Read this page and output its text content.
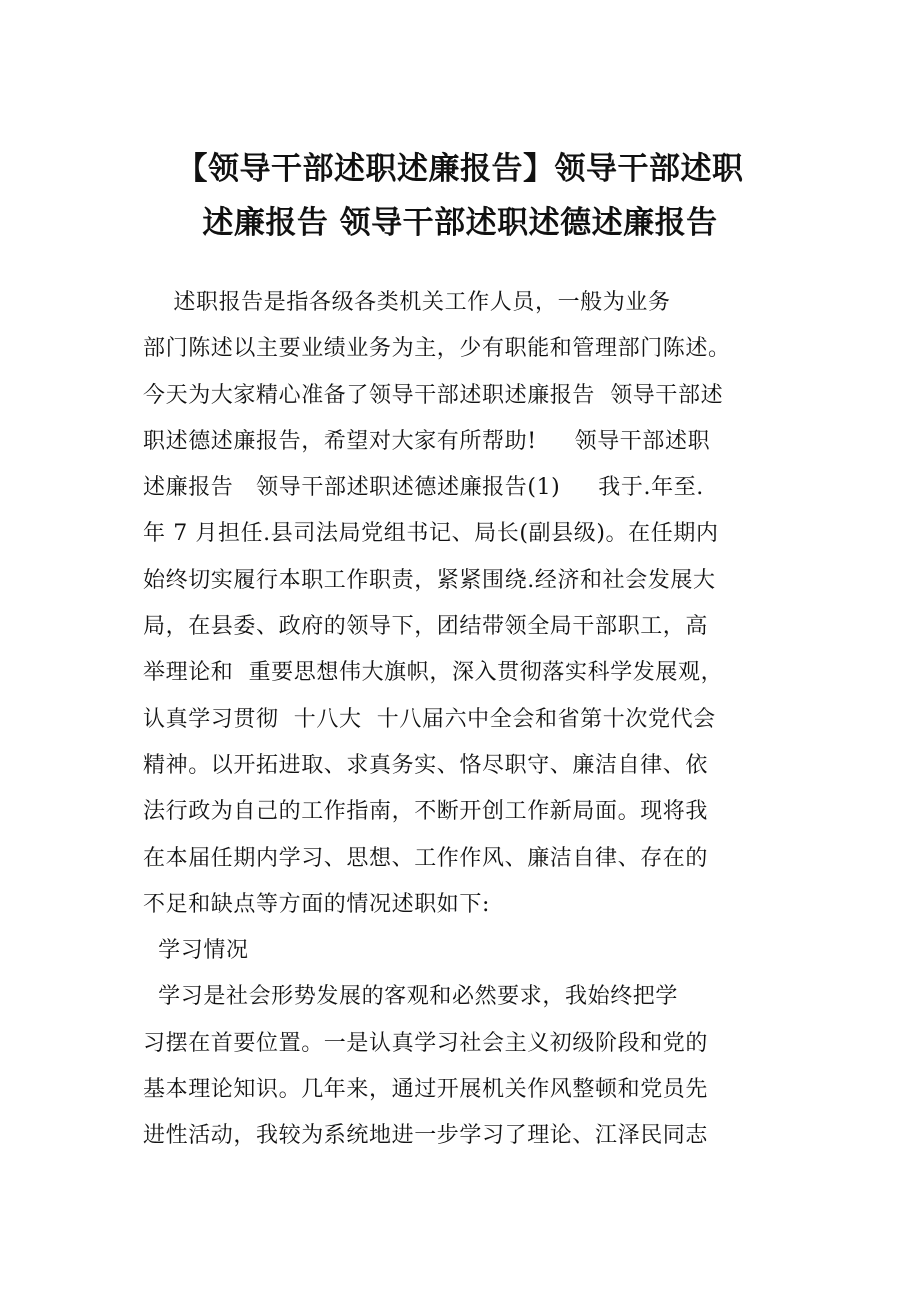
【领导干部述职述廉报告】领导干部述职
述廉报告 领导干部述职述德述廉报告
述职报告是指各级各类机关工作人员，一般为业务
部门陈述以主要业绩业务为主，少有职能和管理部门陈述。
今天为大家精心准备了领导干部述职述廉报告  领导干部述
职述德述廉报告，希望对大家有所帮助!     领导干部述职
述廉报告   领导干部述职述德述廉报告(1)     我于.年至.
年 7 月担任.县司法局党组书记、局长(副县级)。在任期内
始终切实履行本职工作职责，紧紧围绕.经济和社会发展大
局，在县委、政府的领导下，团结带领全局干部职工，高
举理论和  重要思想伟大旗帜，深入贯彻落实科学发展观，
认真学习贯彻  十八大  十八届六中全会和省第十次党代会
精神。以开拓进取、求真务实、恪尽职守、廉洁自律、依
法行政为自己的工作指南，不断开创工作新局面。现将我
在本届任期内学习、思想、工作作风、廉洁自律、存在的
不足和缺点等方面的情况述职如下:
学习情况
学习是社会形势发展的客观和必然要求，我始终把学
习摆在首要位置。一是认真学习社会主义初级阶段和党的
基本理论知识。几年来，通过开展机关作风整顿和党员先
进性活动，我较为系统地进一步学习了理论、江泽民同志
